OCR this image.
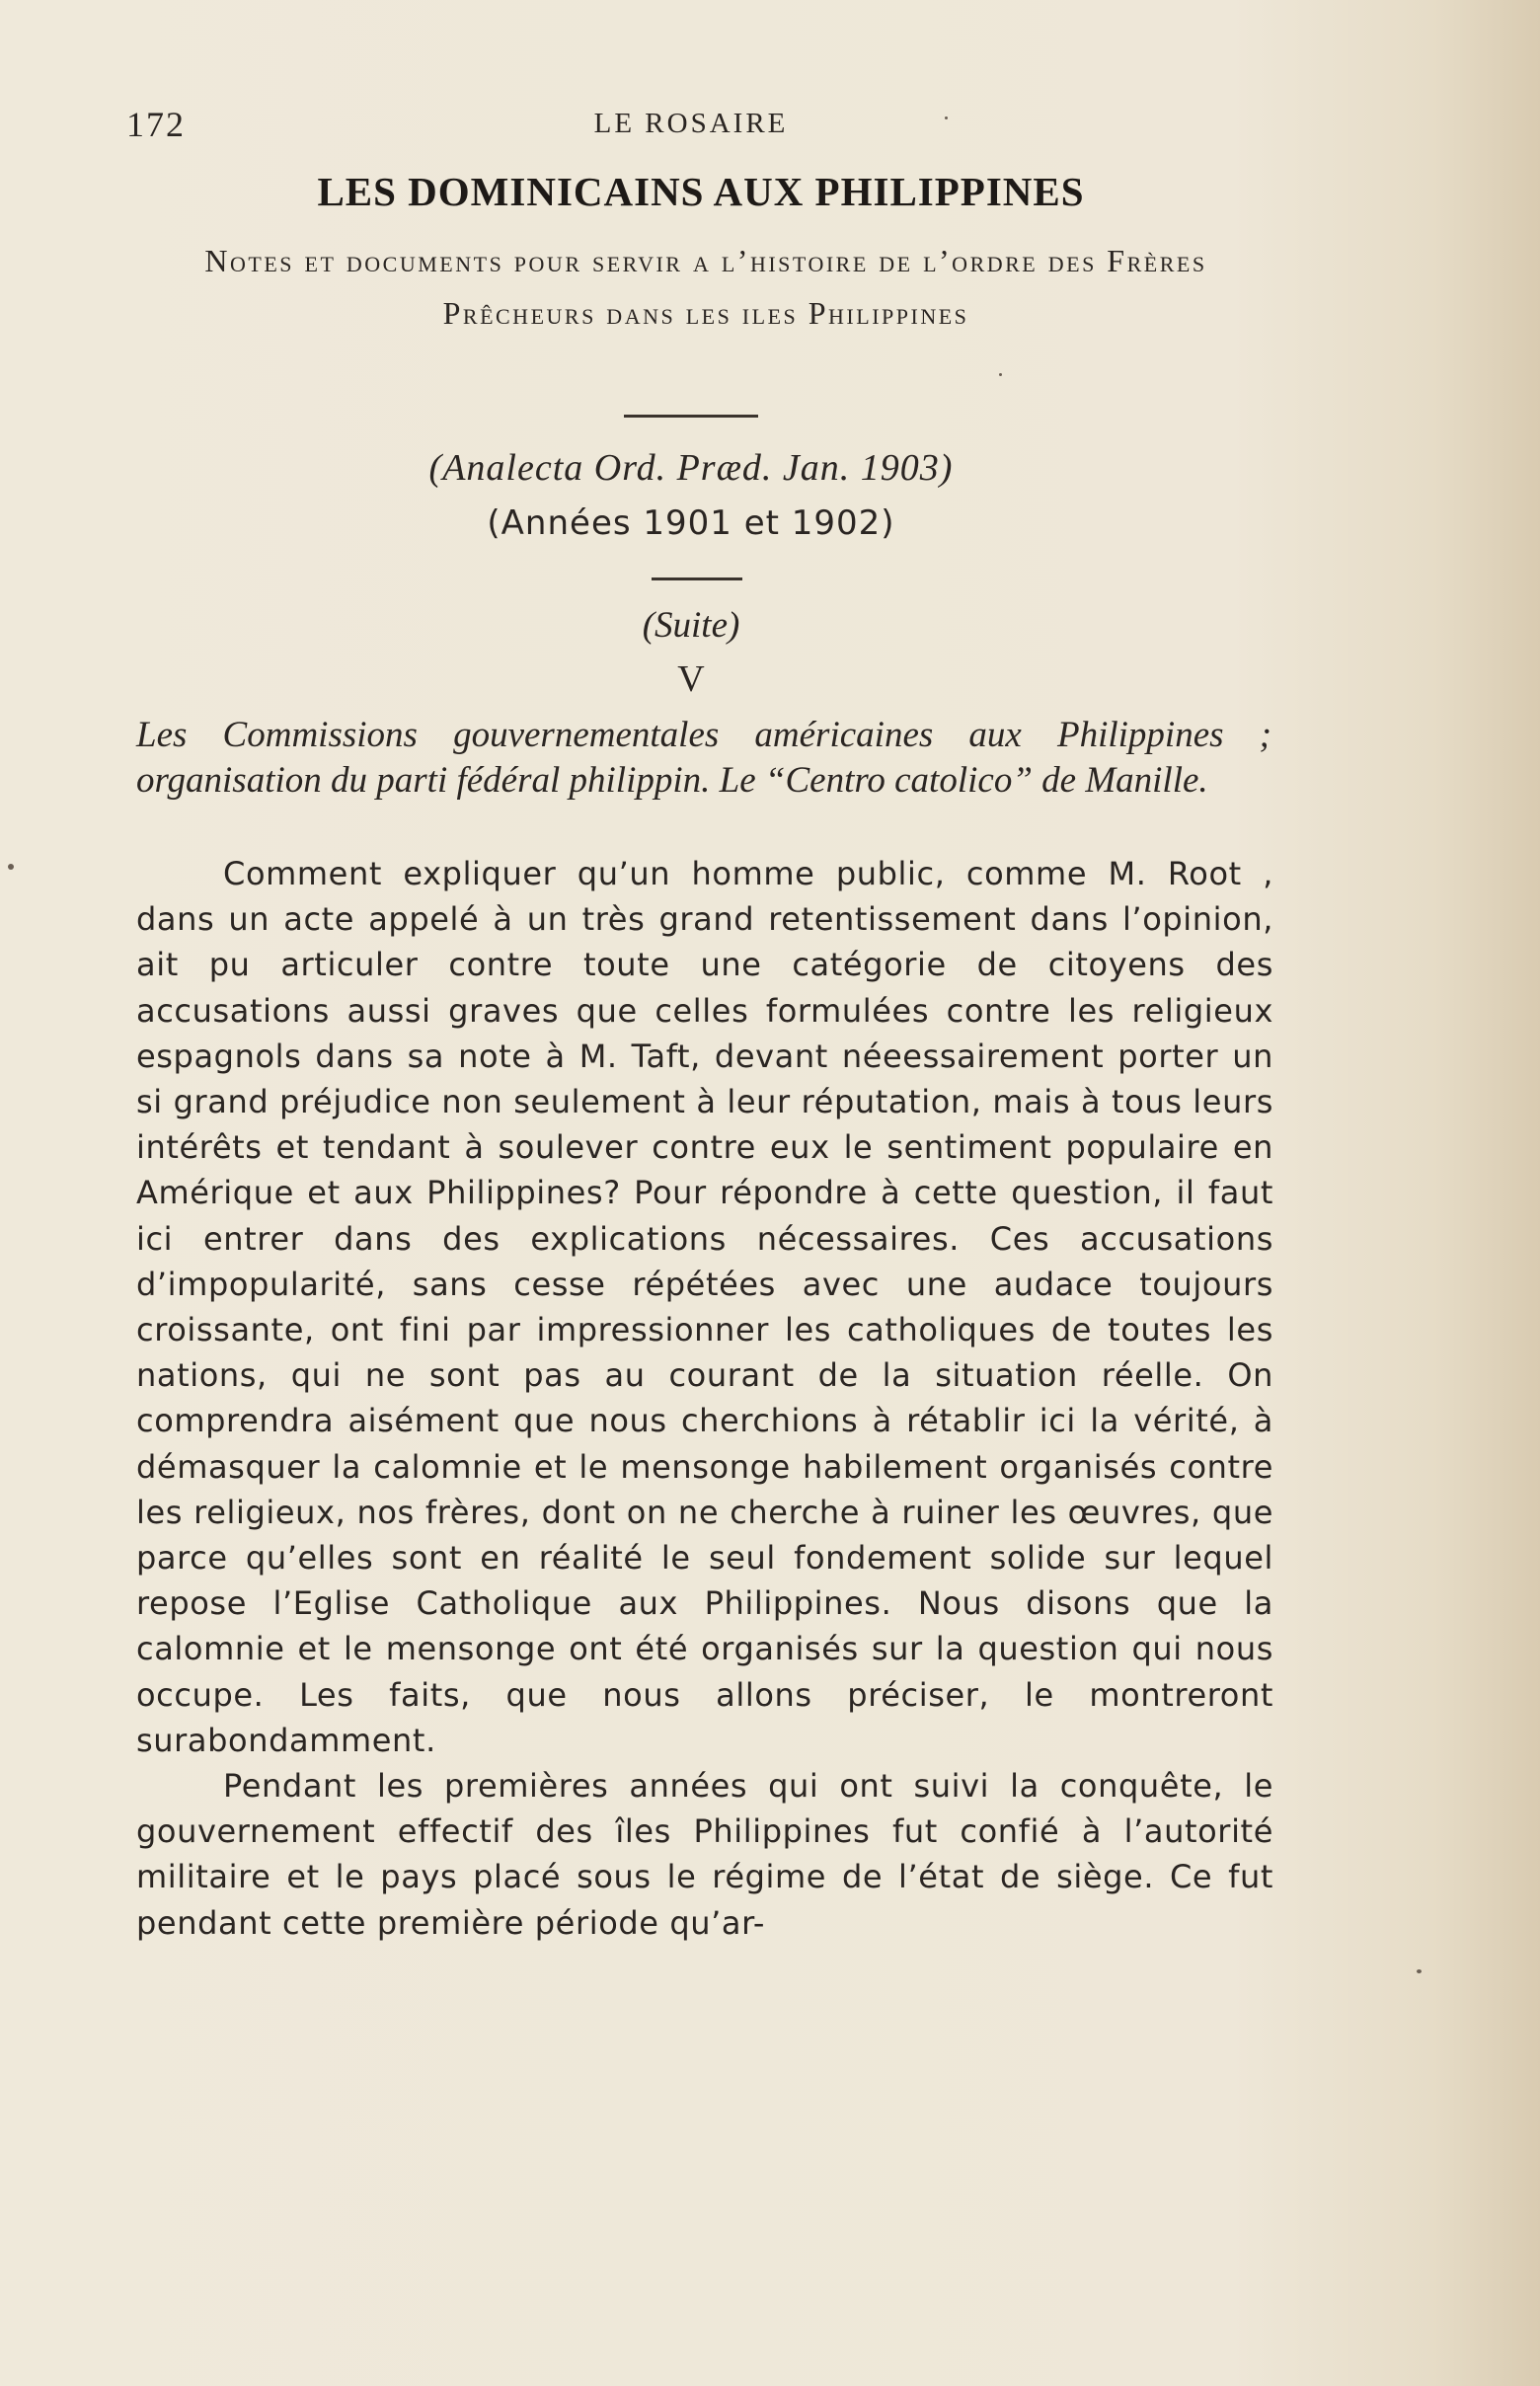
172	LE ROSAIRE
LES DOMINICAINS AUX PHILIPPINES
Notes et documents pour servir a l’histoire de l’ordre des Frères Prêcheurs dans les iles Philippines
(Analecta Ord. Præd. Jan. 1903)
(Années 1901 et 1902)
(Suite)
V
Les Commissions gouvernementales américaines aux Philippines ; organisation du parti fédéral philippin. Le “Centro catolico” de Manille.

Comment expliquer qu’un homme public, comme M. Root , dans un acte appelé à un très grand retentissement dans l’opinion, ait pu articuler contre toute une catégorie de citoyens des accusations aussi graves que celles formulées contre les religieux espagnols dans sa note à M. Taft, devant néeessairement porter un si grand préjudice non seulement à leur réputation, mais à tous leurs intérêts et tendant à soulever contre eux le sentiment populaire en Amérique et aux Philippines? Pour répondre à cette question, il faut ici entrer dans des explications nécessaires. Ces accusations d’impopularité, sans cesse répétées avec une audace toujours croissante, ont fini par impressionner les catholiques de toutes les nations, qui ne sont pas au courant de la situation réelle. On comprendra aisément que nous cherchions à rétablir ici la vérité, à démasquer la calomnie et le mensonge habilement organisés contre les religieux, nos frères, dont on ne cherche à ruiner les œuvres, que parce qu’elles sont en réalité le seul fondement solide sur lequel repose l’Eglise Catholique aux Philippines. Nous disons que la calomnie et le mensonge ont été organisés sur la question qui nous occupe. Les faits, que nous allons préciser, le montreront surabondamment.

Pendant les premières années qui ont suivi la conquête, le gouvernement effectif des îles Philippines fut confié à l’autorité militaire et le pays placé sous le régime de l’état de siège. Ce fut pendant cette première période qu’ar-
